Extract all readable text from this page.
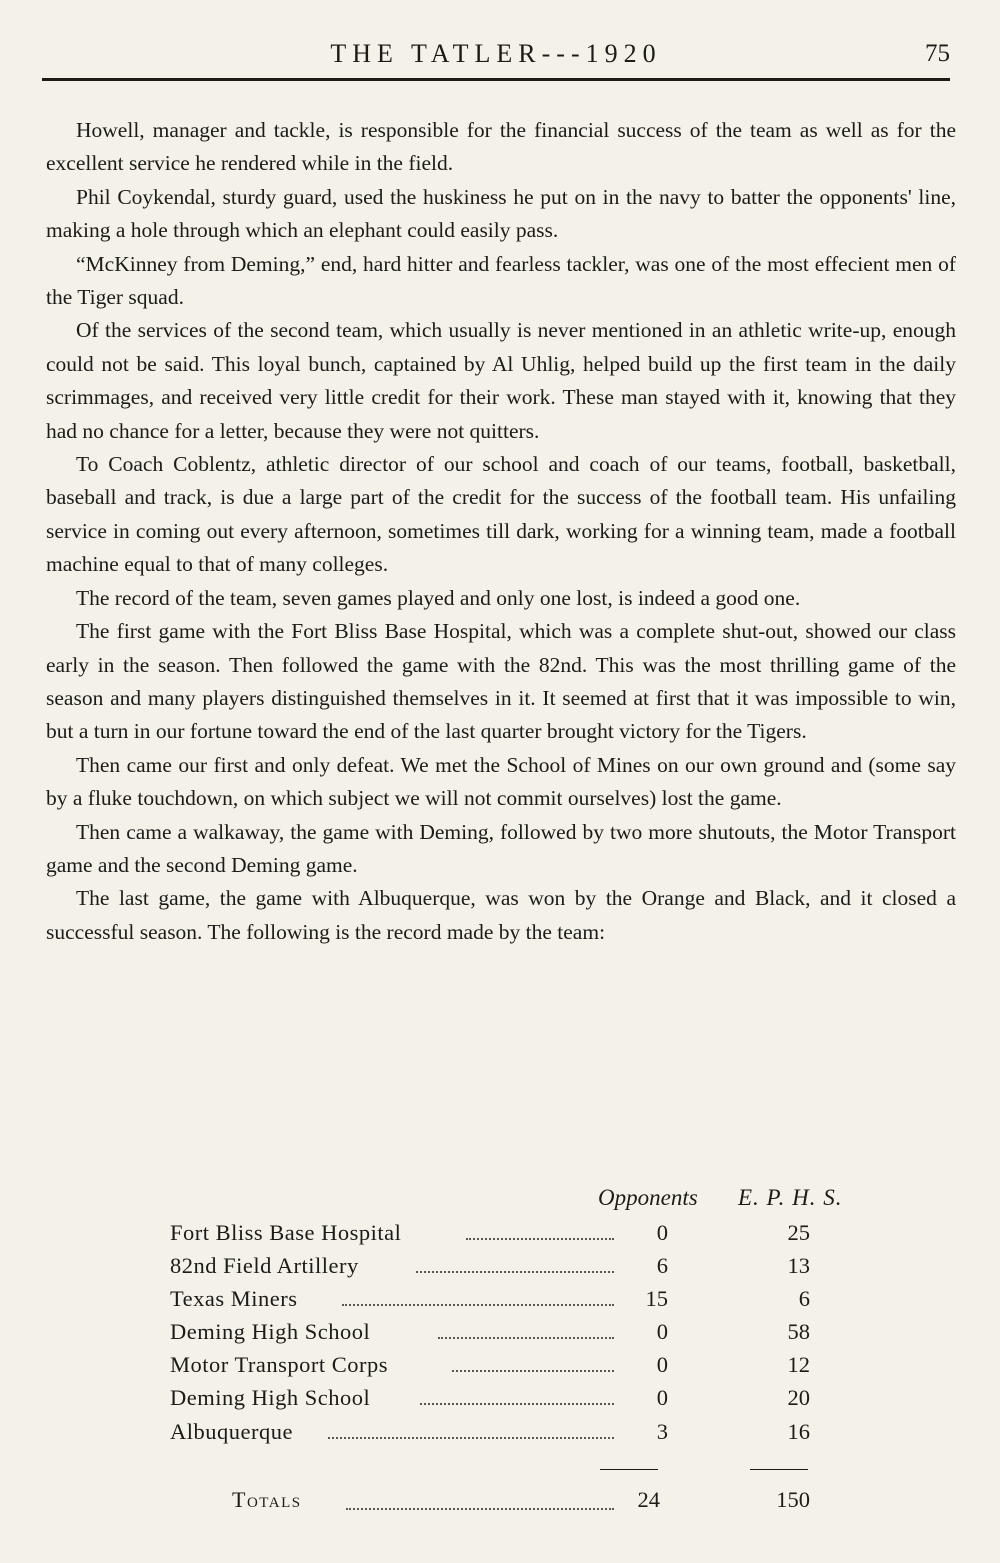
THE TATLER---1920	75

Howell, manager and tackle, is responsible for the financial success of the team as well as for the excellent service he rendered while in the field.

Phil Coykendal, sturdy guard, used the huskiness he put on in the navy to batter the opponents' line, making a hole through which an elephant could easily pass.

“McKinney from Deming,” end, hard hitter and fearless tackler, was one of the most effecient men of the Tiger squad.

Of the services of the second team, which usually is never mentioned in an athletic write-up, enough could not be said. This loyal bunch, captained by Al Uhlig, helped build up the first team in the daily scrimmages, and received very little credit for their work. These man stayed with it, knowing that they had no chance for a letter, because they were not quitters.

To Coach Coblentz, athletic director of our school and coach of our teams, football, basketball, baseball and track, is due a large part of the credit for the success of the football team. His unfailing service in coming out every afternoon, sometimes till dark, working for a winning team, made a football machine equal to that of many colleges.

The record of the team, seven games played and only one lost, is indeed a good one.

The first game with the Fort Bliss Base Hospital, which was a complete shut-out, showed our class early in the season. Then followed the game with the 82nd. This was the most thrilling game of the season and many players distinguished themselves in it. It seemed at first that it was impossible to win, but a turn in our fortune toward the end of the last quarter brought victory for the Tigers.

Then came our first and only defeat. We met the School of Mines on our own ground and (some say by a fluke touchdown, on which subject we will not commit ourselves) lost the game.

Then came a walkaway, the game with Deming, followed by two more shutouts, the Motor Transport game and the second Deming game.

The last game, the game with Albuquerque, was won by the Orange and Black, and it closed a successful season. The following is the record made by the team:

Opponents E. P. H. S.
Fort Bliss Base Hospital	0	25
82nd Field Artillery	6	13
Texas Miners	15	6
Deming High School	0	58
Motor Transport Corps	0	12
Deming High School	0	20
Albuquerque	3	16
Totals	24	150
